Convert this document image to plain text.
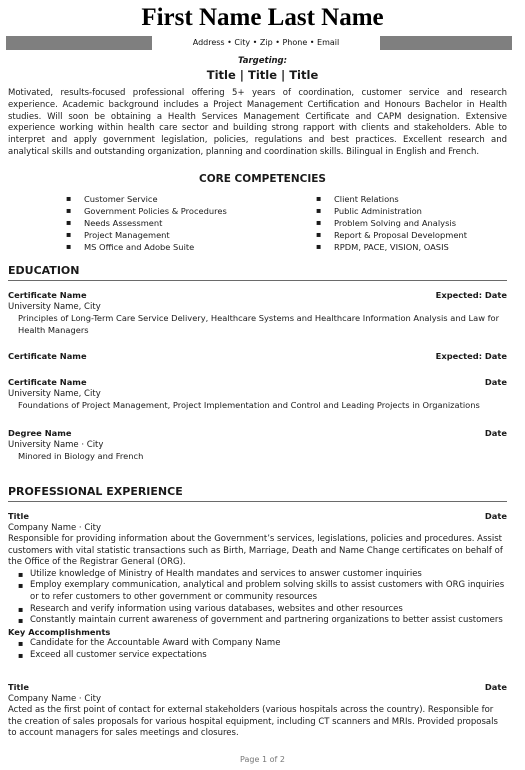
First Name Last Name
Address • City • Zip • Phone • Email
Targeting:
Title | Title | Title
Motivated, results-focused professional offering 5+ years of coordination, customer service and research experience. Academic background includes a Project Management Certification and Honours Bachelor in Health studies. Will soon be obtaining a Health Services Management Certificate and CAPM designation. Extensive experience working within health care sector and building strong rapport with clients and stakeholders. Able to interpret and apply government legislation, policies, regulations and best practices. Excellent research and analytical skills and outstanding organization, planning and coordination skills. Bilingual in English and French.
CORE COMPETENCIES
▪ Customer Service
▪ Government Policies & Procedures
▪ Needs Assessment
▪ Project Management
▪ MS Office and Adobe Suite
▪ Client Relations
▪ Public Administration
▪ Problem Solving and Analysis
▪ Report & Proposal Development
▪ RPDM, PACE, VISION, OASIS
EDUCATION
Certificate Name	Expected: Date
University Name, City
Principles of Long-Term Care Service Delivery, Healthcare Systems and Healthcare Information Analysis and Law for Health Managers
Certificate Name	Expected: Date
Certificate Name	Date
University Name, City
Foundations of Project Management, Project Implementation and Control and Leading Projects in Organizations
Degree Name	Date
University Name · City
Minored in Biology and French
PROFESSIONAL EXPERIENCE
Title	Date
Company Name · City
Responsible for providing information about the Government’s services, legislations, policies and procedures. Assist customers with vital statistic transactions such as Birth, Marriage, Death and Name Change certificates on behalf of the Office of the Registrar General (ORG).
▪ Utilize knowledge of Ministry of Health mandates and services to answer customer inquiries
▪ Employ exemplary communication, analytical and problem solving skills to assist customers with ORG inquiries or to refer customers to other government or community resources
▪ Research and verify information using various databases, websites and other resources
▪ Constantly maintain current awareness of government and partnering organizations to better assist customers
Key Accomplishments
▪ Candidate for the Accountable Award with Company Name
▪ Exceed all customer service expectations
Title	Date
Company Name · City
Acted as the first point of contact for external stakeholders (various hospitals across the country). Responsible for the creation of sales proposals for various hospital equipment, including CT scanners and MRIs. Provided proposals to account managers for sales meetings and closures.
Page 1 of 2
